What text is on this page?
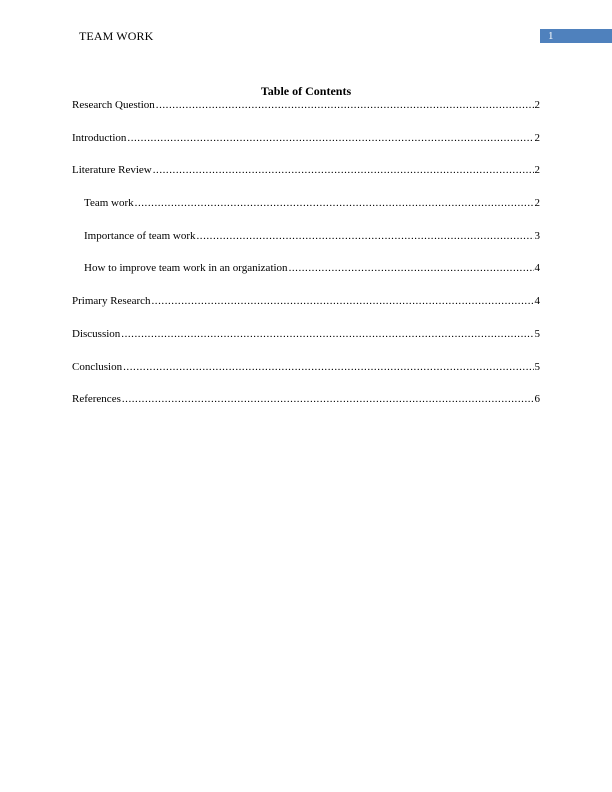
TEAM WORK	1
Table of Contents
Research Question .....	2
Introduction .....	2
Literature Review .....	2
Team work .....	2
Importance of team work .....	3
How to improve team work in an organization .....	4
Primary Research .....	4
Discussion .....	5
Conclusion .....	5
References .....	6
